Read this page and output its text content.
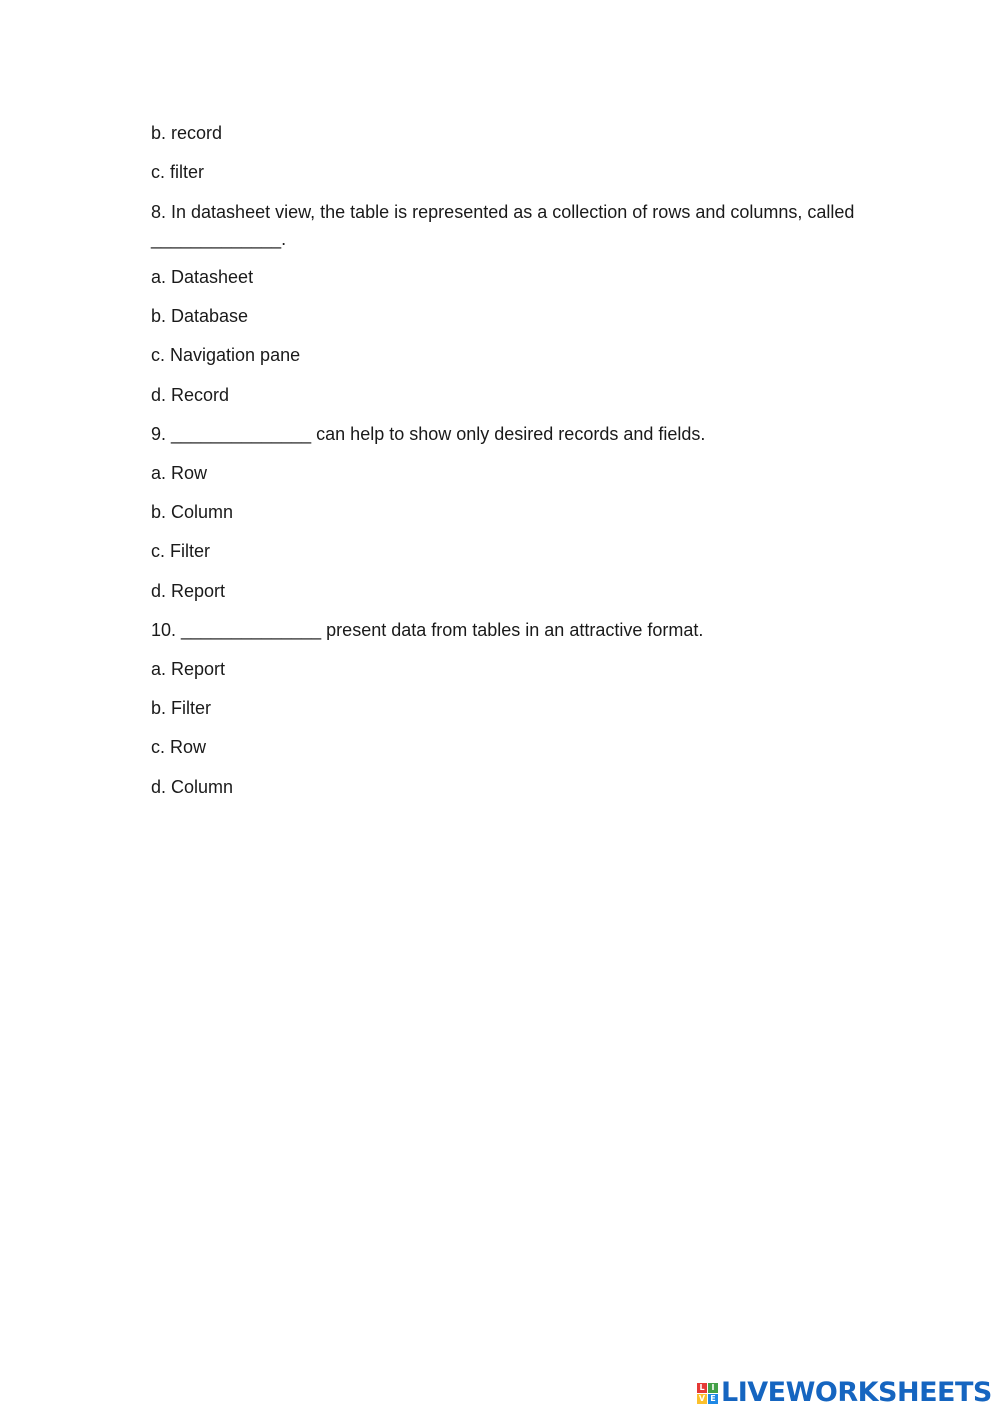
b. record
c. filter
8. In datasheet view, the table is represented as a collection of rows and columns, called
_____________.
a. Datasheet
b. Database
c. Navigation pane
d. Record
9. ______________ can help to show only desired records and fields.
a. Row
b. Column
c. Filter
d. Report
10. ______________ present data from tables in an attractive format.
a. Report
b. Filter
c. Row
d. Column
L I
V E LIVEWORKSHEETS
